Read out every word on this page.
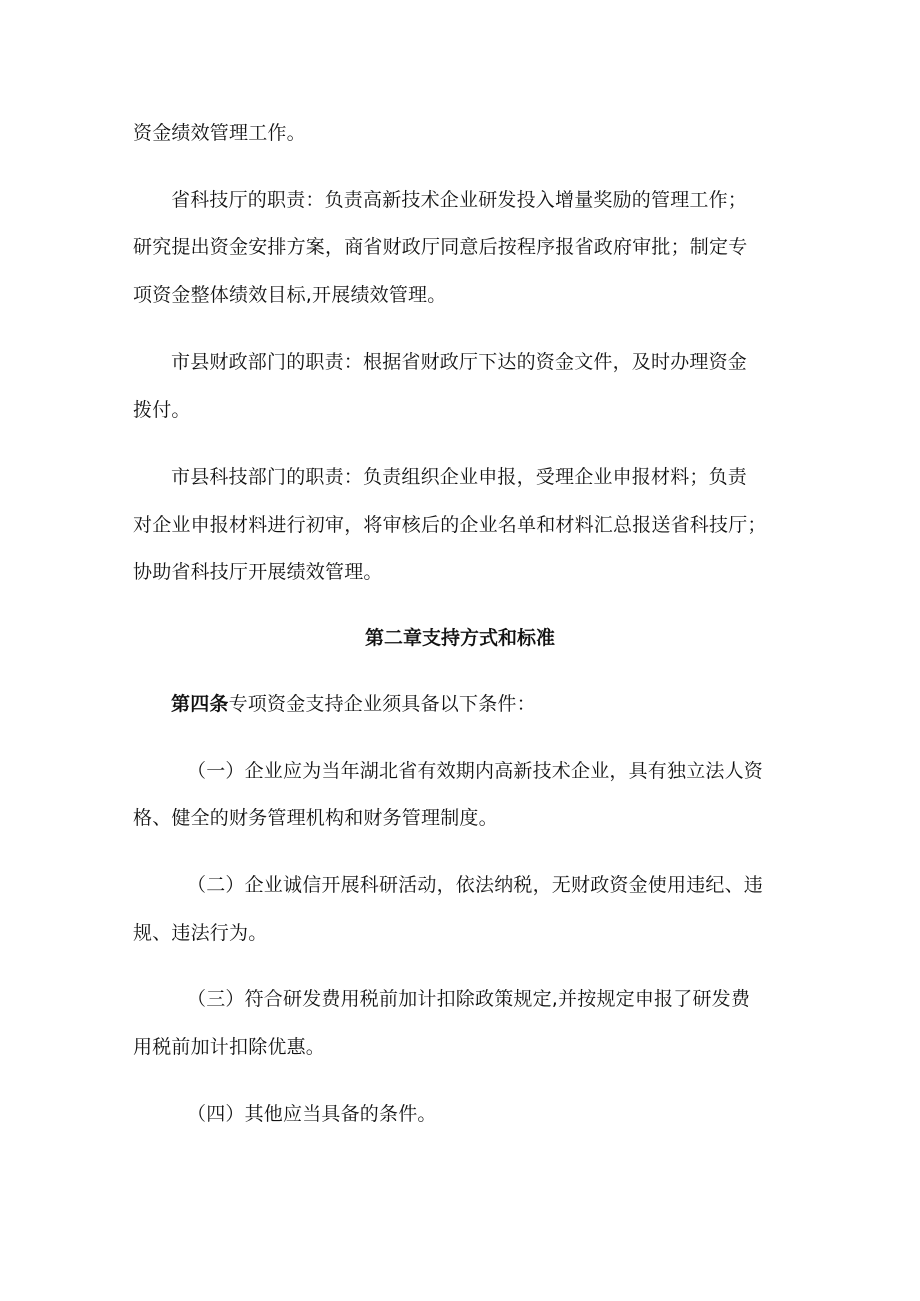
资金绩效管理工作。
省科技厅的职责：负责高新技术企业研发投入增量奖励的管理工作；
研究提出资金安排方案，商省财政厅同意后按程序报省政府审批；制定专
项资金整体绩效目标,开展绩效管理。
市县财政部门的职责：根据省财政厅下达的资金文件，及时办理资金
拨付。
市县科技部门的职责：负责组织企业申报，受理企业申报材料；负责
对企业申报材料进行初审，将审核后的企业名单和材料汇总报送省科技厅；
协助省科技厅开展绩效管理。
第二章支持方式和标准
第四条专项资金支持企业须具备以下条件：
（一）企业应为当年湖北省有效期内高新技术企业，具有独立法人资
格、健全的财务管理机构和财务管理制度。
（二）企业诚信开展科研活动，依法纳税，无财政资金使用违纪、违
规、违法行为。
（三）符合研发费用税前加计扣除政策规定,并按规定申报了研发费
用税前加计扣除优惠。
（四）其他应当具备的条件。
